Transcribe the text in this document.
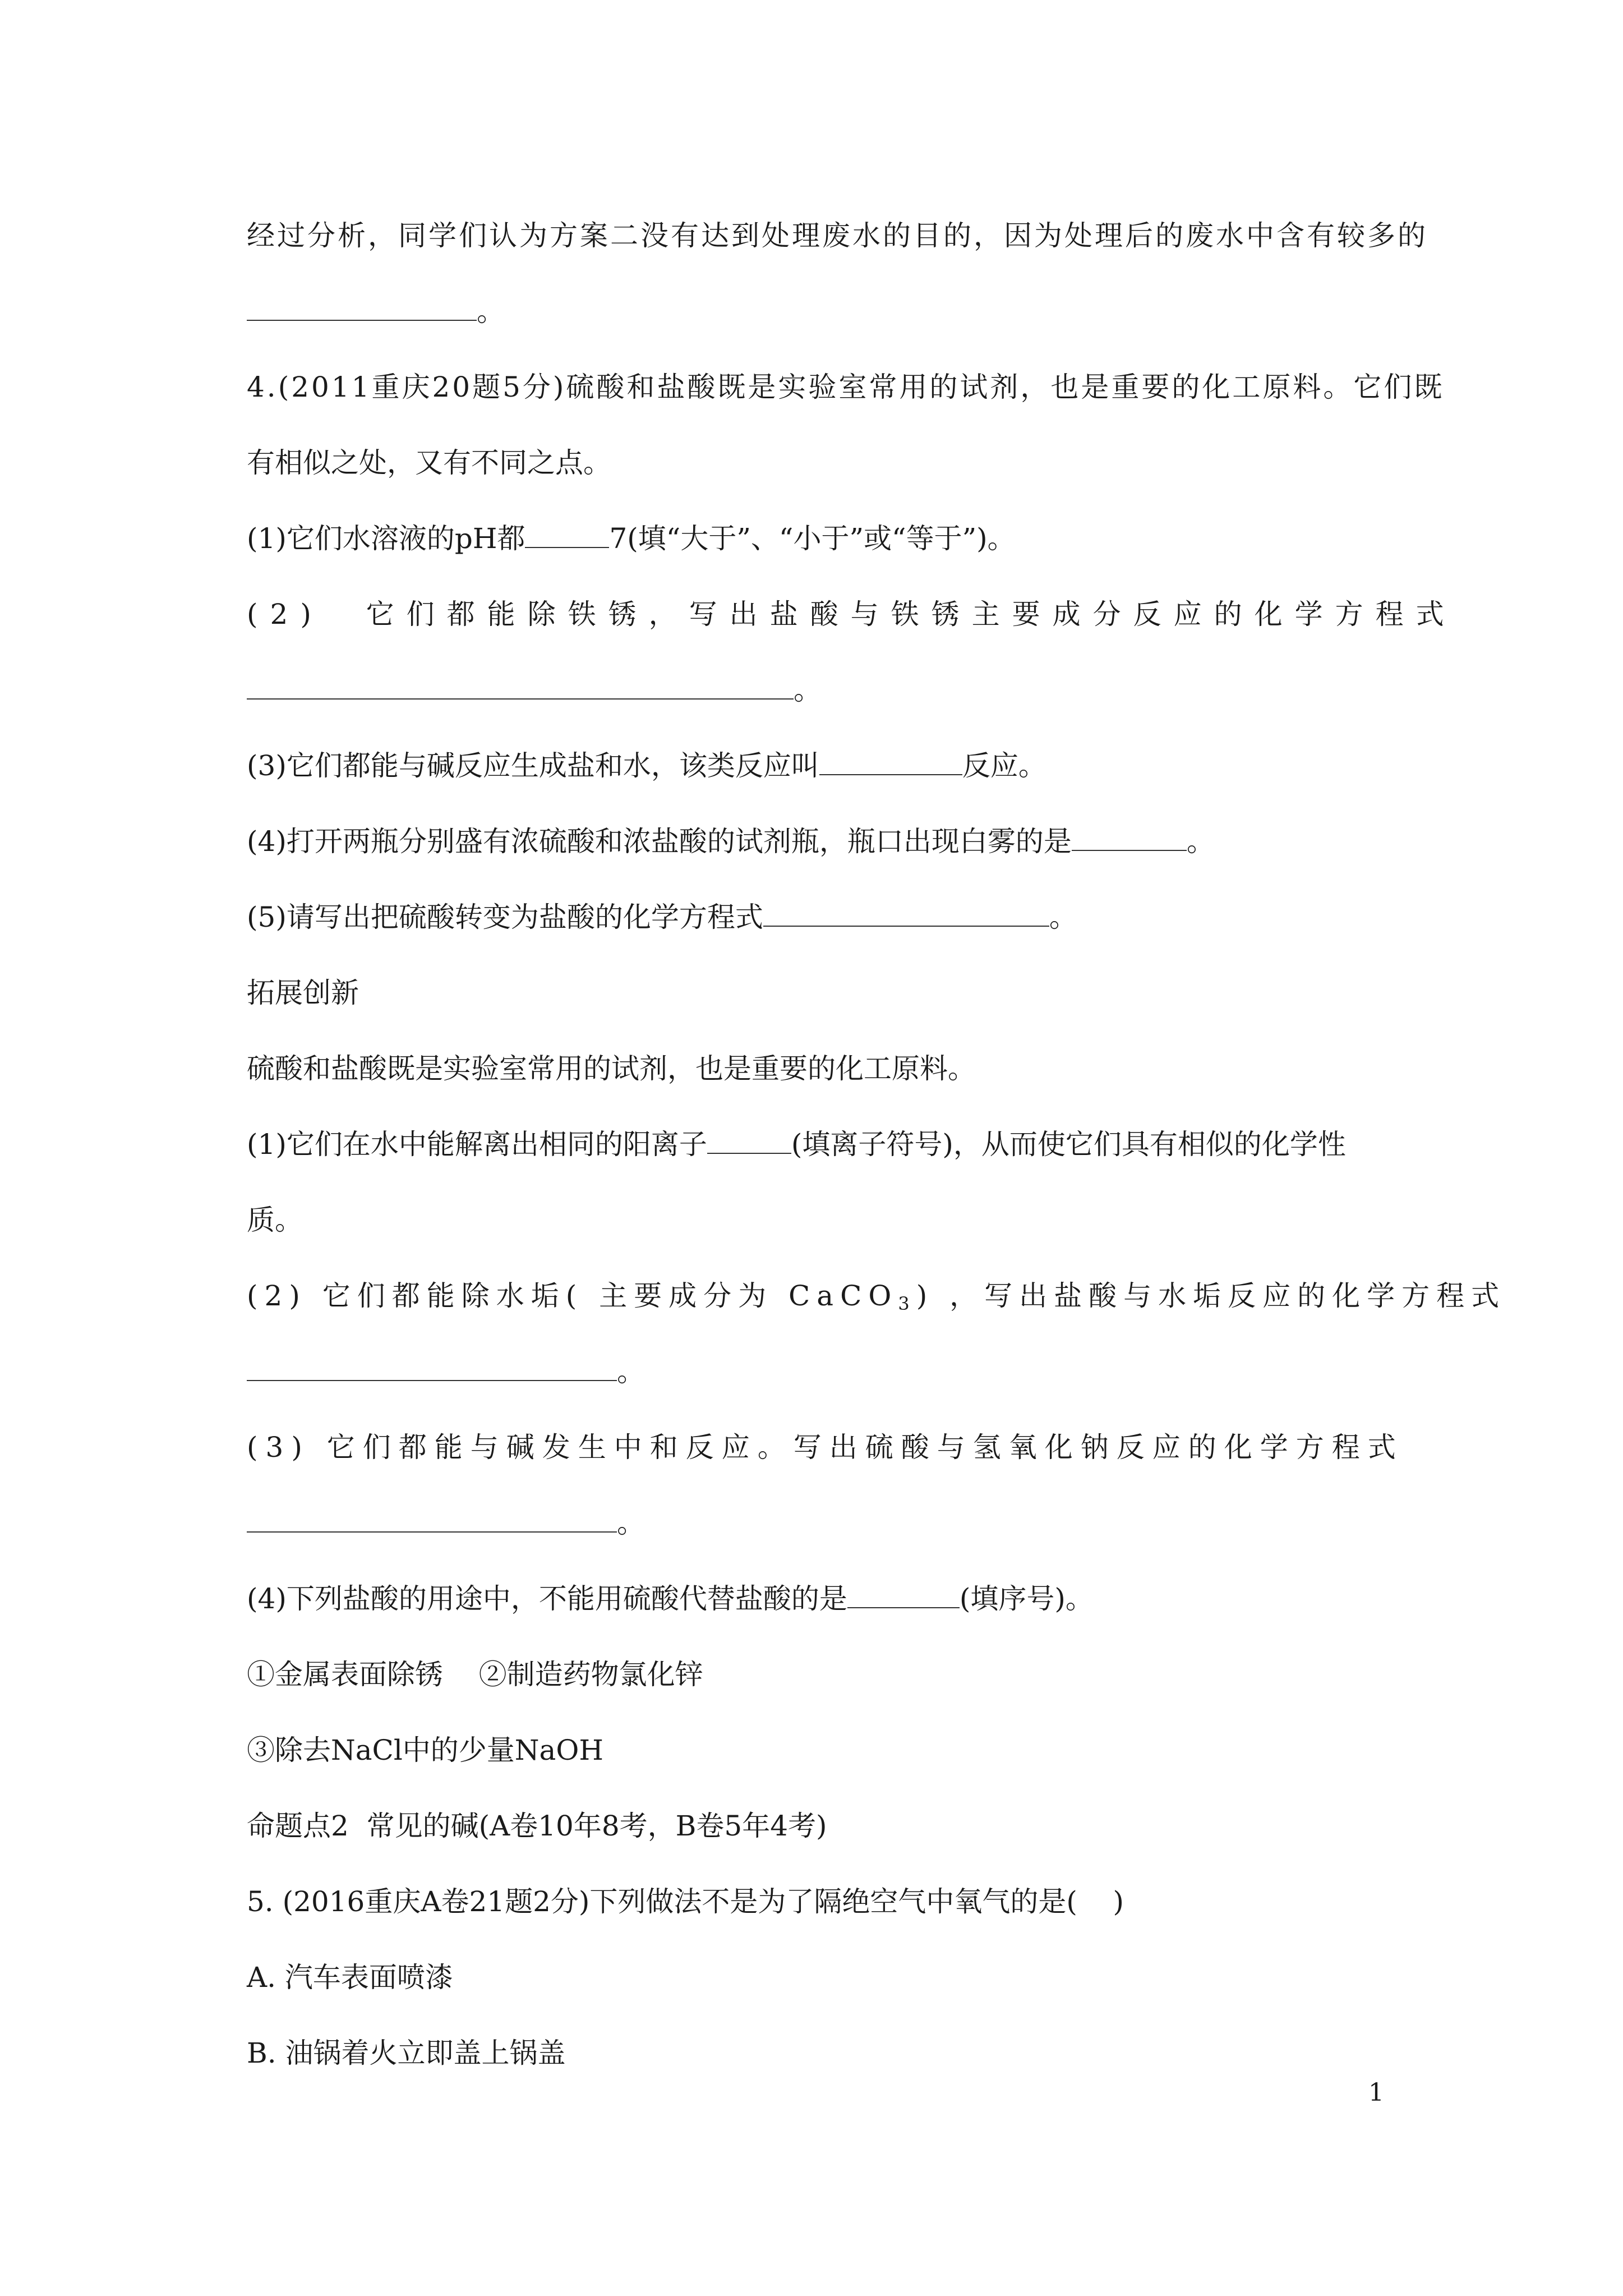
经过分析，同学们认为方案二没有达到处理废水的目的，因为处理后的废水中含有较多的
。
4.(2011重庆20题5分)硫酸和盐酸既是实验室常用的试剂，也是重要的化工原料。它们既
有相似之处，又有不同之点。
(1)它们水溶液的pH都	7(填“大于”、“小于”或“等于”)。
(2)  它们都能除铁锈，写出盐酸与铁锈主要成分反应的化学方程式
。
(3)它们都能与碱反应生成盐和水，该类反应叫	反应。
(4)打开两瓶分别盛有浓硫酸和浓盐酸的试剂瓶，瓶口出现白雾的是	。
(5)请写出把硫酸转变为盐酸的化学方程式	。
拓展创新
硫酸和盐酸既是实验室常用的试剂，也是重要的化工原料。
(1)它们在水中能解离出相同的阳离子	(填离子符号)，从而使它们具有相似的化学性
质。
(2) 它们都能除水垢( 主要成分为 CaCO$_3$) ，写出盐酸与水垢反应的化学方程式
。
(3) 它们都能与碱发生中和反应。写出硫酸与氢氧化钠反应的化学方程式
。
(4)下列盐酸的用途中，不能用硫酸代替盐酸的是	(填序号)。
①金属表面除锈    ②制造药物氯化锌
③除去NaCl中的少量NaOH
命题点2  常见的碱(A卷10年8考，B卷5年4考)
5. (2016重庆A卷21题2分)下列做法不是为了隔绝空气中氧气的是(    )
A. 汽车表面喷漆
B. 油锅着火立即盖上锅盖
1
